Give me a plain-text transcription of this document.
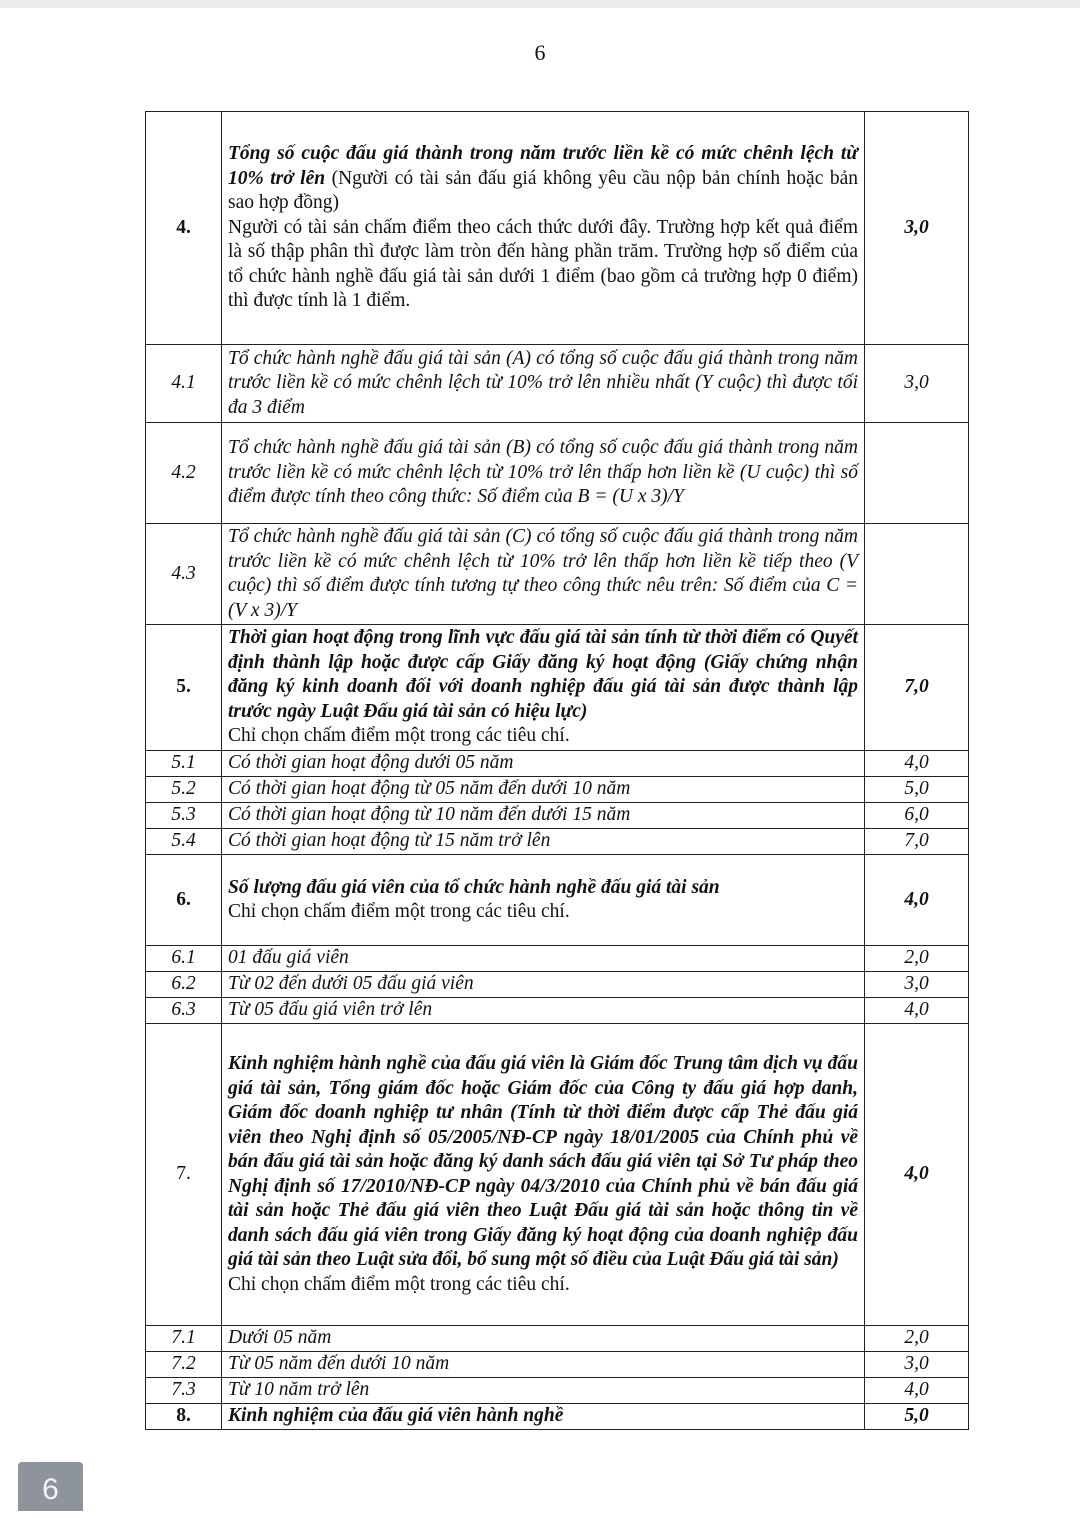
6
4.	Tổng số cuộc đấu giá thành trong năm trước liền kề có mức chênh lệch từ 10% trở lên (Người có tài sản đấu giá không yêu cầu nộp bản chính hoặc bản sao hợp đồng)
Người có tài sản chấm điểm theo cách thức dưới đây. Trường hợp kết quả điểm là số thập phân thì được làm tròn đến hàng phần trăm. Trường hợp số điểm của tổ chức hành nghề đấu giá tài sản dưới 1 điểm (bao gồm cả trường hợp 0 điểm) thì được tính là 1 điểm.	3,0
4.1	Tổ chức hành nghề đấu giá tài sản (A) có tổng số cuộc đấu giá thành trong năm trước liền kề có mức chênh lệch từ 10% trở lên nhiều nhất (Y cuộc) thì được tối đa 3 điểm	3,0
4.2	Tổ chức hành nghề đấu giá tài sản (B) có tổng số cuộc đấu giá thành trong năm trước liền kề có mức chênh lệch từ 10% trở lên thấp hơn liền kề (U cuộc) thì số điểm được tính theo công thức: Số điểm của B = (U x 3)/Y	
4.3	Tổ chức hành nghề đấu giá tài sản (C) có tổng số cuộc đấu giá thành trong năm trước liền kề có mức chênh lệch từ 10% trở lên thấp hơn liền kề tiếp theo (V cuộc) thì số điểm được tính tương tự theo công thức nêu trên: Số điểm của C = (V x 3)/Y	
5.	Thời gian hoạt động trong lĩnh vực đấu giá tài sản tính từ thời điểm có Quyết định thành lập hoặc được cấp Giấy đăng ký hoạt động (Giấy chứng nhận đăng ký kinh doanh đối với doanh nghiệp đấu giá tài sản được thành lập trước ngày Luật Đấu giá tài sản có hiệu lực)
Chỉ chọn chấm điểm một trong các tiêu chí.	7,0
5.1	Có thời gian hoạt động dưới 05 năm	4,0
5.2	Có thời gian hoạt động từ 05 năm đến dưới 10 năm	5,0
5.3	Có thời gian hoạt động từ 10 năm đến dưới 15 năm	6,0
5.4	Có thời gian hoạt động từ 15 năm trở lên	7,0
6.	Số lượng đấu giá viên của tổ chức hành nghề đấu giá tài sản
Chỉ chọn chấm điểm một trong các tiêu chí.	4,0
6.1	01 đấu giá viên	2,0
6.2	Từ 02 đến dưới 05 đấu giá viên	3,0
6.3	Từ 05 đấu giá viên trở lên	4,0
7.	Kinh nghiệm hành nghề của đấu giá viên là Giám đốc Trung tâm dịch vụ đấu giá tài sản, Tổng giám đốc hoặc Giám đốc của Công ty đấu giá hợp danh, Giám đốc doanh nghiệp tư nhân (Tính từ thời điểm được cấp Thẻ đấu giá viên theo Nghị định số 05/2005/NĐ-CP ngày 18/01/2005 của Chính phủ về bán đấu giá tài sản hoặc đăng ký danh sách đấu giá viên tại Sở Tư pháp theo Nghị định số 17/2010/NĐ-CP ngày 04/3/2010 của Chính phủ về bán đấu giá tài sản hoặc Thẻ đấu giá viên theo Luật Đấu giá tài sản hoặc thông tin về danh sách đấu giá viên trong Giấy đăng ký hoạt động của doanh nghiệp đấu giá tài sản theo Luật sửa đổi, bổ sung một số điều của Luật Đấu giá tài sản)
Chỉ chọn chấm điểm một trong các tiêu chí.	4,0
7.1	Dưới 05 năm	2,0
7.2	Từ 05 năm đến dưới 10 năm	3,0
7.3	Từ 10 năm trở lên	4,0
8.	Kinh nghiệm của đấu giá viên hành nghề	5,0
6
